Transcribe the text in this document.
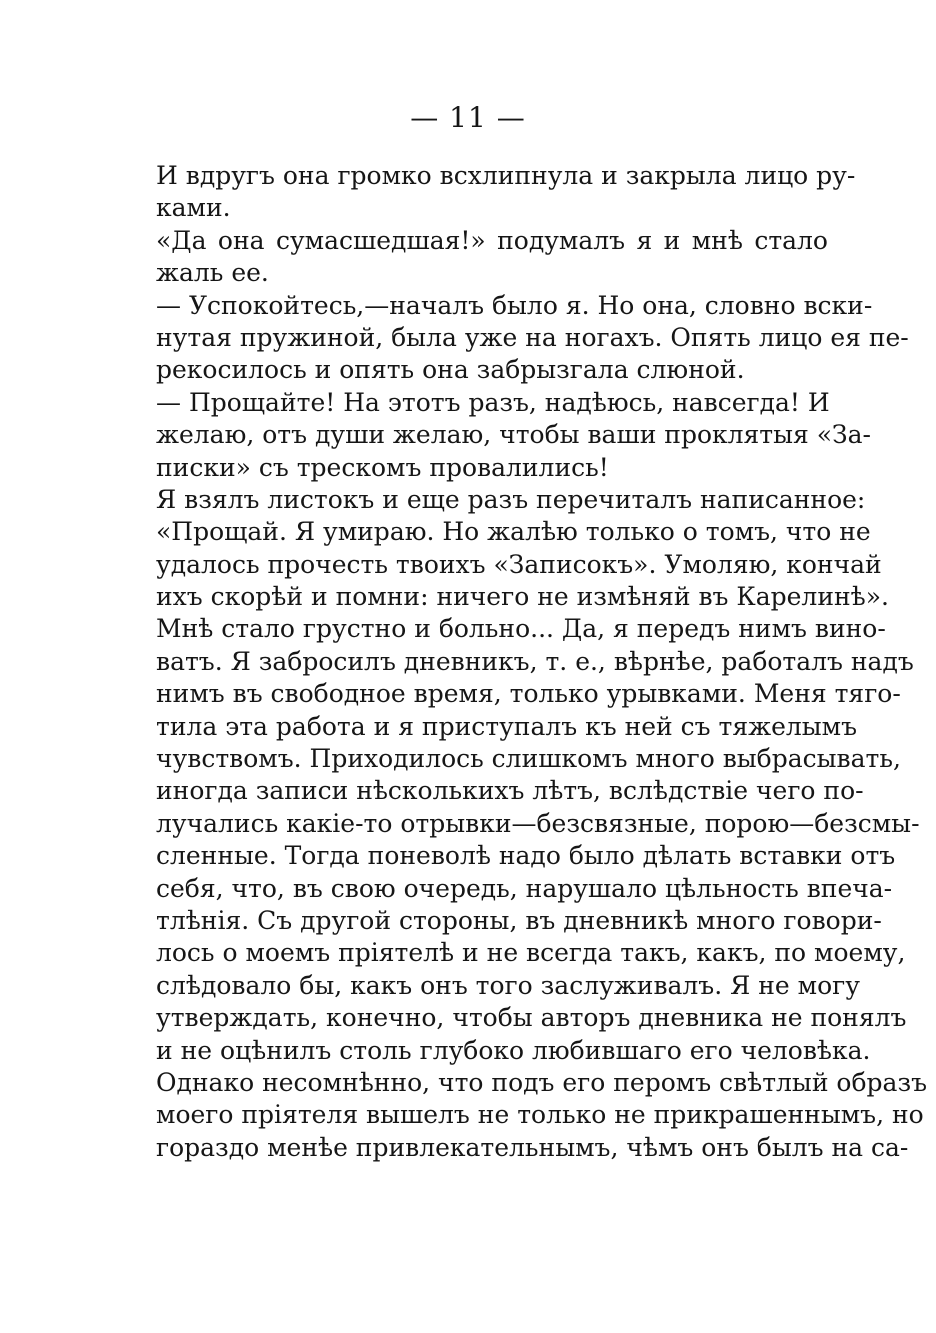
— 11 —
И вдругъ она громко всхлипнула и закрыла лицо ру-
ками.
«Да она сумасшедшая!» подумалъ я и мнѣ стало
жаль ее.
— Успокойтесь,—началъ было я. Но она, словно вски-
нутая пружиной, была уже на ногахъ. Опять лицо ея пе-
рекосилось и опять она забрызгала слюной.
— Прощайте! На этотъ разъ, надѣюсь, навсегда! И
желаю, отъ души желаю, чтобы ваши проклятыя «За-
писки» съ трескомъ провалились!
Я взялъ листокъ и еще разъ перечиталъ написанное:
«Прощай. Я умираю. Но жалѣю только о томъ, что не
удалось прочесть твоихъ «Записокъ». Умоляю, кончай
ихъ скорѣй и помни: ничего не измѣняй въ Карелинѣ».
Мнѣ стало грустно и больно... Да, я передъ нимъ вино-
ватъ. Я забросилъ дневникъ, т. е., вѣрнѣе, работалъ надъ
нимъ въ свободное время, только урывками. Меня тяго-
тила эта работа и я приступалъ къ ней съ тяжелымъ
чувствомъ. Приходилось слишкомъ много выбрасывать,
иногда записи нѣсколькихъ лѣтъ, вслѣдствіе чего по-
лучались какіе-то отрывки—безсвязные, порою—безсмы-
сленные. Тогда поневолѣ надо было дѣлать вставки отъ
себя, что, въ свою очередь, нарушало цѣльность впеча-
тлѣнія. Съ другой стороны, въ дневникѣ много говори-
лось о моемъ пріятелѣ и не всегда такъ, какъ, по моему,
слѣдовало бы, какъ онъ того заслуживалъ. Я не могу
утверждать, конечно, чтобы авторъ дневника не понялъ
и не оцѣнилъ столь глубоко любившаго его человѣка.
Однако несомнѣнно, что подъ его перомъ свѣтлый образъ
моего пріятеля вышелъ не только не прикрашеннымъ, но
гораздо менѣе привлекательнымъ, чѣмъ онъ былъ на са-
